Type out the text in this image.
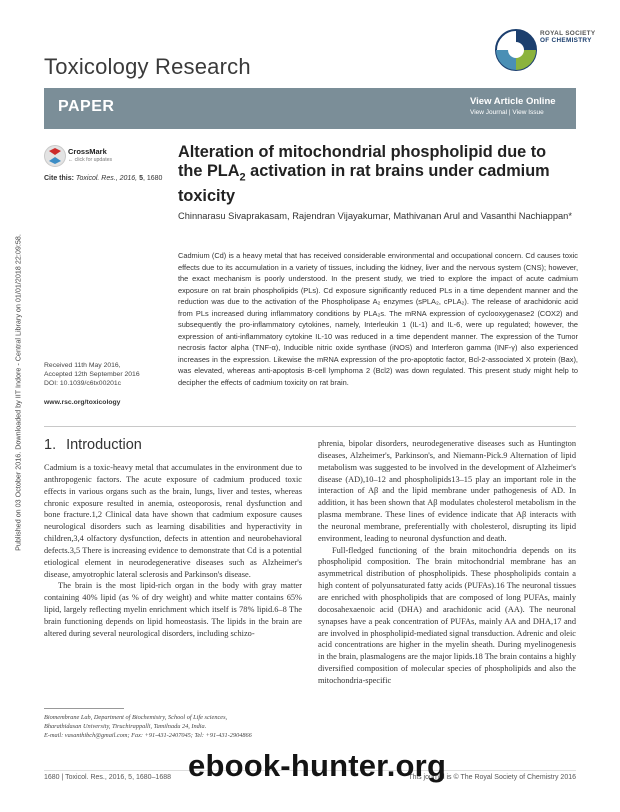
Published on 03 October 2016. Downloaded by IIT Indore - Central Library on 01/01/2018 22:09:58.
Toxicology Research
ROYAL SOCIETY
OF CHEMISTRY
PAPER	View Article Online
View Journal | View Issue
CrossMark
← click for updates
Cite this: Toxicol. Res., 2016, 5, 1680
Alteration of mitochondrial phospholipid due to
the $PLA_2$ activation in rat brains under cadmium
toxicity
Chinnarasu Sivaprakasam, Rajendran Vijayakumar, Mathivanan Arul and Vasanthi Nachiappan*
Cadmium (Cd) is a heavy metal that has received considerable environmental and occupational concern. Cd causes toxic effects due to its accumulation in a variety of tissues, including the kidney, liver and the nervous system (CNS); however, the exact mechanism is poorly understood. In the present study, we tried to explore the impact of acute cadmium exposure on rat brain phospholipids (PLs). Cd exposure significantly reduced PLs in a time dependent manner and the reduction was due to the activation of the Phospholipase A₂ enzymes (sPLA₂, cPLA₂). The release of arachidonic acid from PLs increased during inflammatory conditions by PLA₂s. The mRNA expression of cyclooxygenase2 (COX2) and subsequently the pro-inflammatory cytokines, namely, Interleukin 1 (IL-1) and IL-6, were up regulated; however, the expression of anti-inflammatory cytokine IL-10 was reduced in a time dependent manner. The expression of the Tumor necrosis factor alpha (TNF-α), Inducible nitric oxide synthase (iNOS) and Interferon gamma (INF-γ) also experienced increases in the expression. Likewise the mRNA expression of the pro-apoptotic factor, Bcl-2-associated X protein (Bax), was elevated, whereas anti-apoptosis B-cell lymphoma 2 (Bcl2) was down regulated. This present study might help to decipher the effects of cadmium toxicity on rat brain.
Received 11th May 2016,
Accepted 12th September 2016
DOI: 10.1039/c6tx00201c
www.rsc.org/toxicology
1. Introduction

Cadmium is a toxic-heavy metal that accumulates in the environment due to anthropogenic factors. The acute exposure of cadmium produced toxic effects in various organs such as the brain, lungs, liver and testes, whereas chronic exposure resulted in anemia, osteoporosis, renal dysfunction and bone fracture.1,2 Clinical data have shown that cadmium exposure causes neurological disorders such as learning disabilities and hyperactivity in children,3,4 olfactory dysfunction, defects in attention and neurobehavioral defects.3,5 There is increasing evidence to demonstrate that Cd is a potential etiological element in neurodegenerative diseases such as Alzheimer's disease, amyotrophic lateral sclerosis and Parkinson's disease.

The brain is the most lipid-rich organ in the body with gray matter containing 40% lipid (as % of dry weight) and white matter contains 65% lipid, largely reflecting myelin enrichment which itself is 78% lipid.6–8 The brain functioning depends on lipid homeostasis. The lipids in the brain are altered during several neurological disorders, including schizo-

phrenia, bipolar disorders, neurodegenerative diseases such as Huntington diseases, Alzheimer's, Parkinson's, and Niemann-Pick.9 Alternation of lipid metabolism was suggested to be involved in the development of Alzheimer's disease (AD),10–12 and phospholipids13–15 play an important role in the interaction of Aβ and the lipid membrane under pathogenesis of AD. In addition, it has been shown that Aβ modulates cholesterol metabolism in the plasma membrane. These lines of evidence indicate that Aβ interacts with the neuronal membrane, preferentially with cholesterol, disrupting its lipid environment, leading to neuronal dysfunction and death.

Full-fledged functioning of the brain mitochondria depends on its phospholipid composition. The brain mitochondrial membrane has an asymmetrical distribution of phospholipids. These phospholipids contain a high content of polyunsaturated fatty acids (PUFAs).16 The neuronal tissues are enriched with phospholipids that are composed of long PUFAs, mainly docosahexaenoic acid (DHA) and arachidonic acid (AA). The neuronal synapses have a peak concentration of PUFAs, mainly AA and DHA,17 and are involved in phospholipid-mediated signal transduction. Adrenic and oleic acid concentrations are higher in the myelin sheath. During myelinogenesis in the brain, plasmalogens are the major lipids.18 The brain contains a highly diversified composition of molecular species of phospholipids and also the mitochondria-specific

Biomembrane Lab, Department of Biochemistry, School of Life sciences,
Bharathidasan University, Tiruchirappalli, Tamilnadu 24, India.
E-mail: vasanthibch@gmail.com; Fax: +91-431-2407045; Tel: +91-431-2904866
1680 | Toxicol. Res., 2016, 5, 1680–1688	This journal is © The Royal Society of Chemistry 2016
ebook-hunter.org
